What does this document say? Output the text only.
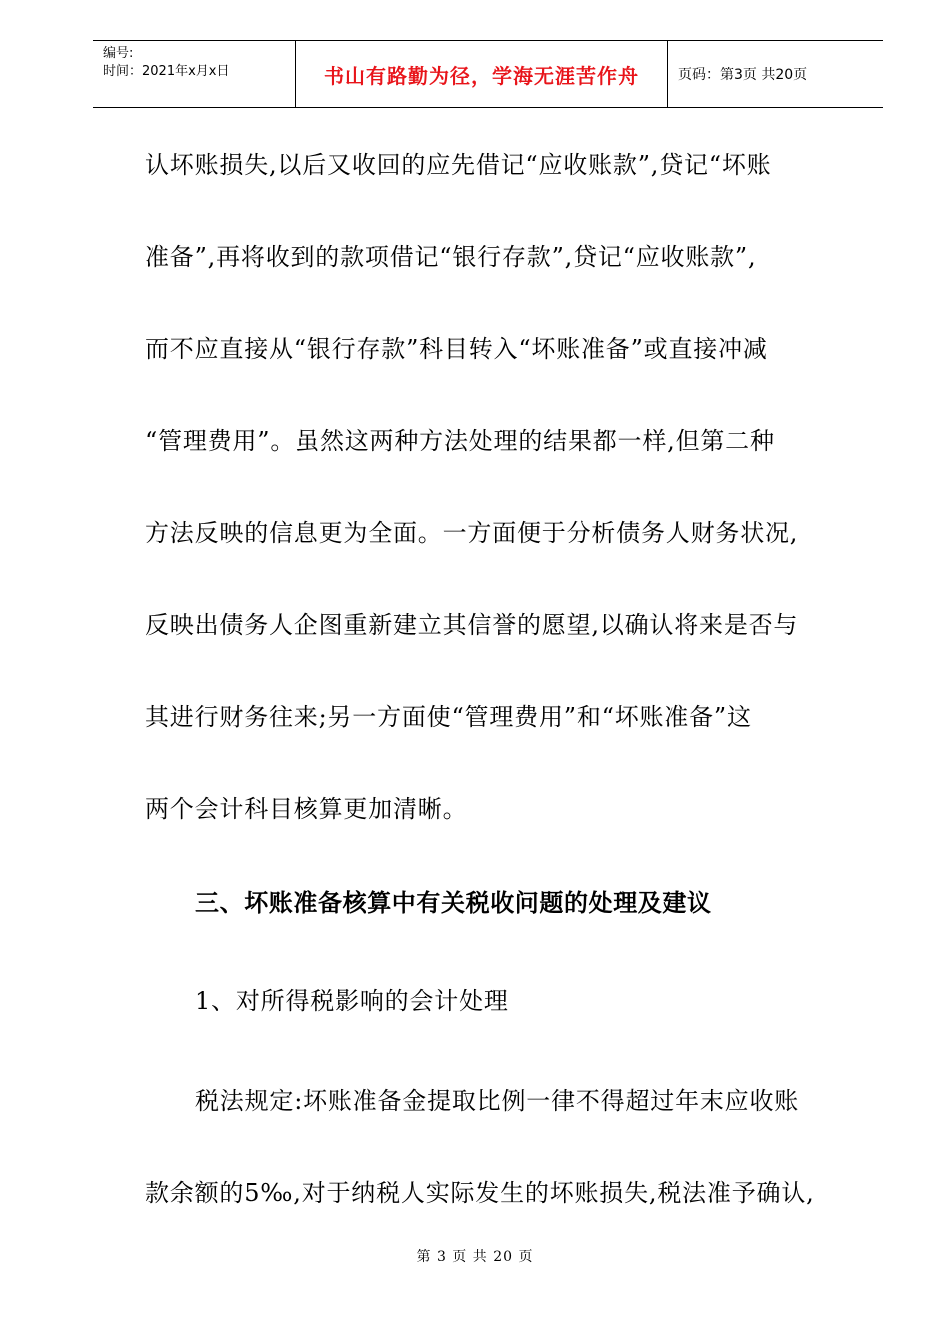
编号:
时间：2021年x月x日	书山有路勤为径，学海无涯苦作舟	页码：第3页 共20页
认坏账损失,以后又收回的应先借记“应收账款”,贷记“坏账
准备”,再将收到的款项借记“银行存款”,贷记“应收账款”,
而不应直接从“银行存款”科目转入“坏账准备”或直接冲减
“管理费用”。虽然这两种方法处理的结果都一样,但第二种
方法反映的信息更为全面。一方面便于分析债务人财务状况,
反映出债务人企图重新建立其信誉的愿望,以确认将来是否与
其进行财务往来;另一方面使“管理费用”和“坏账准备”这
两个会计科目核算更加清晰。
三、坏账准备核算中有关税收问题的处理及建议
1、对所得税影响的会计处理
税法规定:坏账准备金提取比例一律不得超过年末应收账
款余额的5‰,对于纳税人实际发生的坏账损失,税法准予确认,
第 3 页 共 20 页
